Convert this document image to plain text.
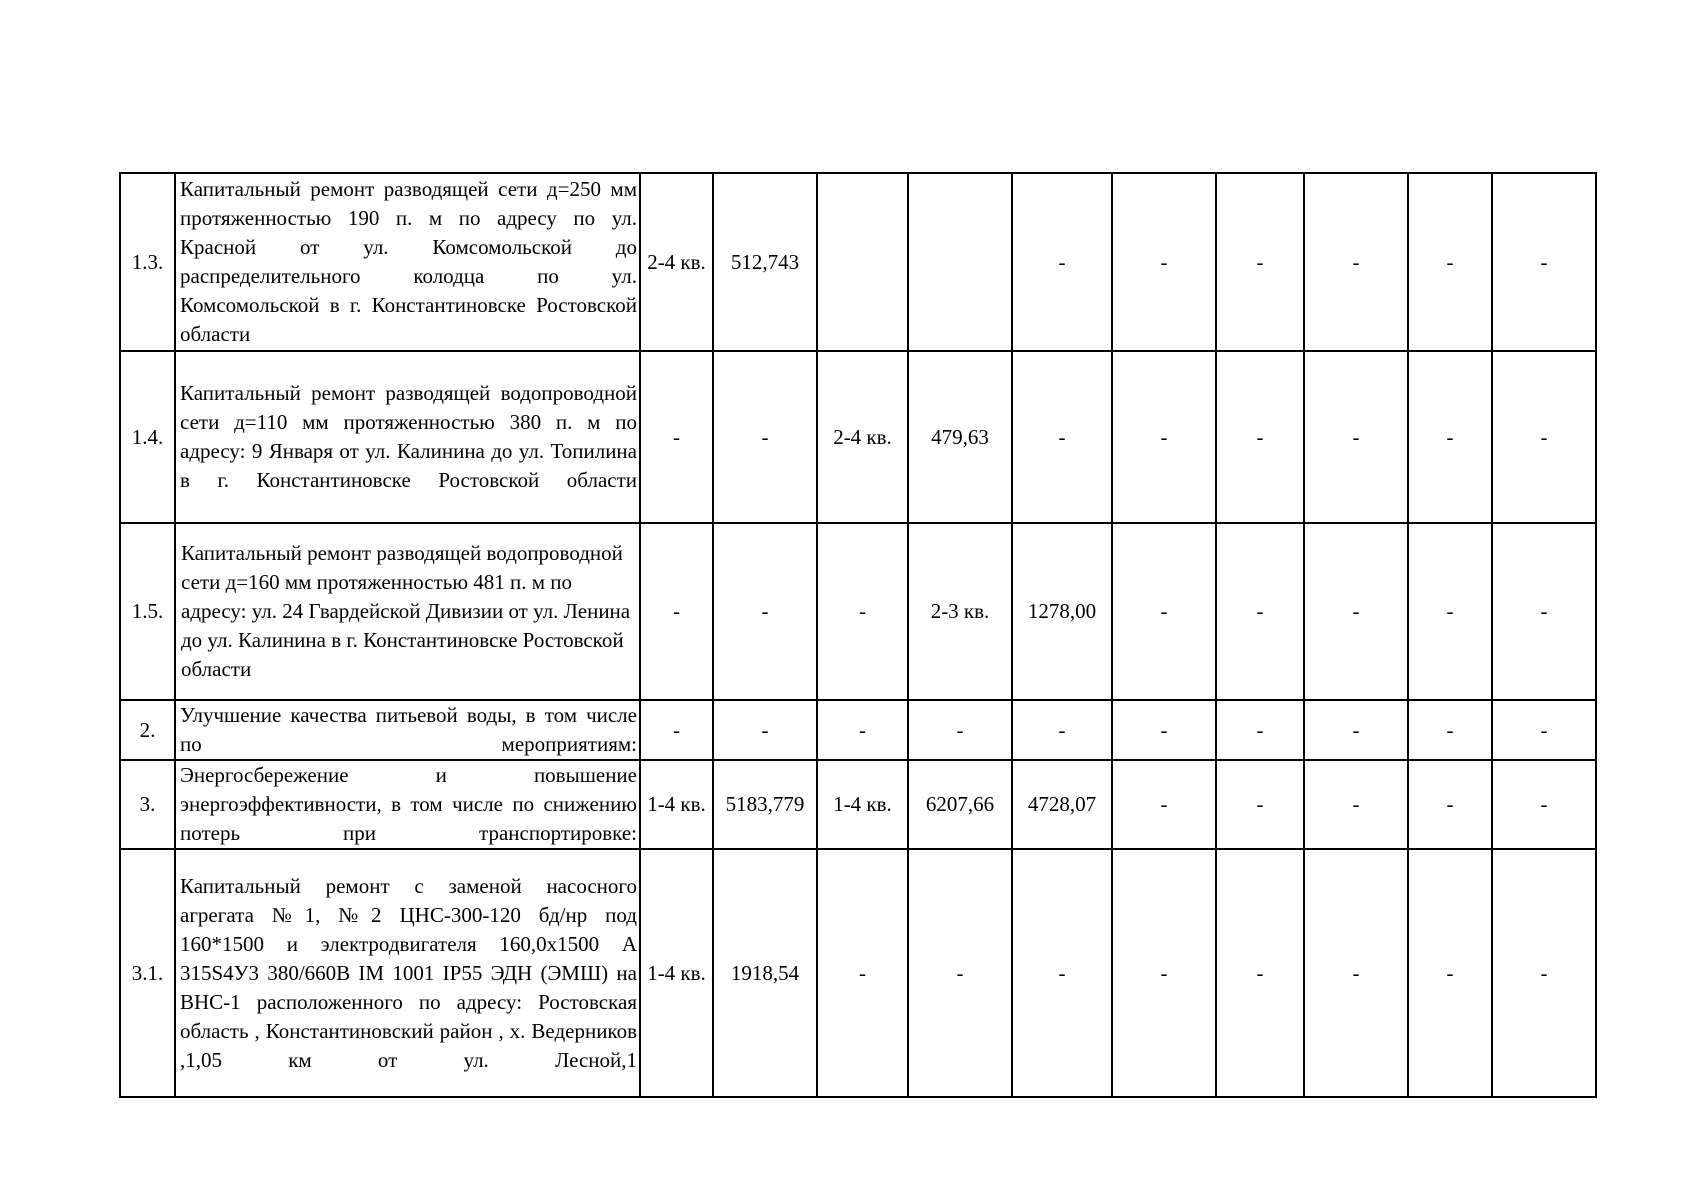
1.3.	Капитальный ремонт разводящей сети д=250 мм протяженностью 190 п. м по адресу по ул. Красной от ул. Комсомольской до распределительного колодца по ул. Комсомольской в г. Константиновске Ростовской области	2-4 кв.	512,743			-	-	-	-	-	-
1.4.	Капитальный ремонт разводящей водопроводной сети д=110 мм протяженностью 380 п. м по адресу: 9 Января от ул. Калинина до ул. Топилина в г. Константиновске Ростовской области	-	-	2-4 кв.	479,63	-	-	-	-	-	-
1.5.	Капитальный ремонт разводящей водопроводной сети д=160 мм протяженностью 481 п. м по адресу: ул. 24 Гвардейской Дивизии от ул. Ленина до ул. Калинина в г. Константиновске Ростовской области	-	-	-	2-3 кв.	1278,00	-	-	-	-	-
2.	Улучшение качества питьевой воды, в том числе по мероприятиям:	-	-	-	-	-	-	-	-	-	-
3.	Энергосбережение и повышение энергоэффективности, в том числе по снижению потерь при транспортировке:	1-4 кв.	5183,779	1-4 кв.	6207,66	4728,07	-	-	-	-	-
3.1.	Капитальный ремонт с заменой насосного агрегата №1, №2 ЦНС-300-120 бд/нр под 160*1500 и электродвигателя 160,0х1500 А 315S4У3 380/660В IM 1001 IP55 ЭДН (ЭМШ) на ВНС-1 расположенного по адресу: Ростовская область , Константиновский район , х. Ведерников ,1,05 км от ул. Лесной,1	1-4 кв.	1918,54	-	-	-	-	-	-	-	-
